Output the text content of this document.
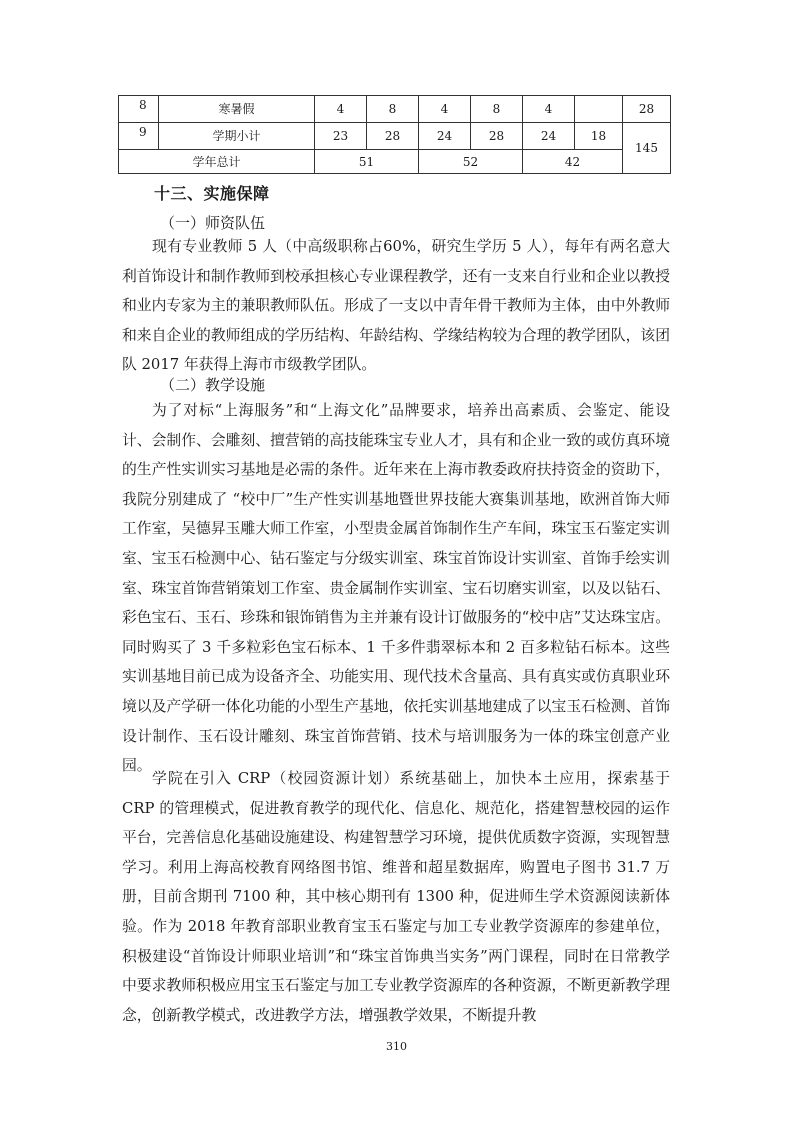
8	寒暑假	4	8	4	8	4		28
9	学期小计	23	28	24	28	24	18	145
学年总计		51		52		42		
十三、实施保障
（一）师资队伍

现有专业教师 5 人（中高级职称占60%，研究生学历 5 人），每年有两名意大利首饰设计和制作教师到校承担核心专业课程教学，还有一支来自行业和企业以教授和业内专家为主的兼职教师队伍。形成了一支以中青年骨干教师为主体，由中外教师和来自企业的教师组成的学历结构、年龄结构、学缘结构较为合理的教学团队，该团队 2017 年获得上海市市级教学团队。

（二）教学设施

为了对标“上海服务”和“上海文化”品牌要求，培养出高素质、会鉴定、能设计、会制作、会雕刻、擅营销的高技能珠宝专业人才，具有和企业一致的或仿真环境的生产性实训实习基地是必需的条件。近年来在上海市教委政府扶持资金的资助下，我院分别建成了 “校中厂”生产性实训基地暨世界技能大赛集训基地，欧洲首饰大师工作室，吴德昇玉雕大师工作室，小型贵金属首饰制作生产车间，珠宝玉石鉴定实训室、宝玉石检测中心、钻石鉴定与分级实训室、珠宝首饰设计实训室、首饰手绘实训室、珠宝首饰营销策划工作室、贵金属制作实训室、宝石切磨实训室，以及以钻石、彩色宝石、玉石、珍珠和银饰销售为主并兼有设计订做服务的“校中店”艾达珠宝店。同时购买了 3 千多粒彩色宝石标本、1 千多件翡翠标本和 2 百多粒钻石标本。这些实训基地目前已成为设备齐全、功能实用、现代技术含量高、具有真实或仿真职业环境以及产学研一体化功能的小型生产基地，依托实训基地建成了以宝玉石检测、首饰设计制作、玉石设计雕刻、珠宝首饰营销、技术与培训服务为一体的珠宝创意产业园。

学院在引入 CRP（校园资源计划）系统基础上，加快本土应用，探索基于 CRP 的管理模式，促进教育教学的现代化、信息化、规范化，搭建智慧校园的运作平台，完善信息化基础设施建设、构建智慧学习环境，提供优质数字资源，实现智慧学习。利用上海高校教育网络图书馆、维普和超星数据库，购置电子图书 31.7 万册，目前含期刊 7100 种，其中核心期刊有 1300 种，促进师生学术资源阅读新体验。作为 2018 年教育部职业教育宝玉石鉴定与加工专业教学资源库的参建单位，积极建设“首饰设计师职业培训”和“珠宝首饰典当实务”两门课程，同时在日常教学中要求教师积极应用宝玉石鉴定与加工专业教学资源库的各种资源，不断更新教学理念，创新教学模式，改进教学方法，增强教学效果，不断提升教

310
